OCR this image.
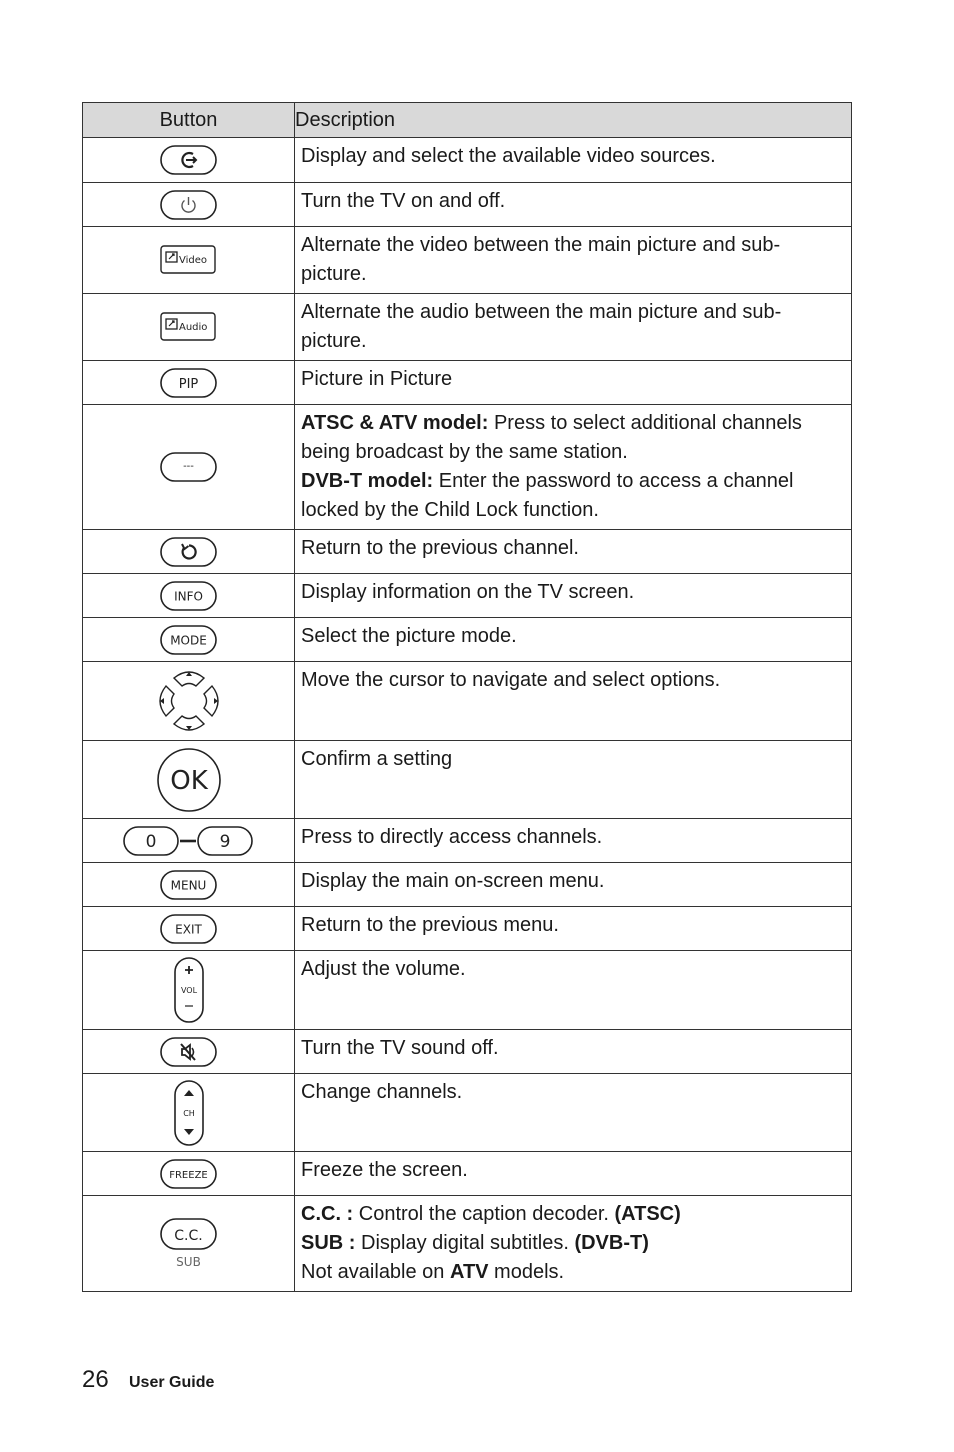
Button	Description

	Display and select the available video sources.

	Turn the TV on and off.

Video	Alternate the video between the main picture and sub-picture.

Audio	Alternate the audio between the main picture and sub-picture.

PIP	Picture in Picture

---	ATSC & ATV model: Press to select additional channels being broadcast by the same station.
DVB-T model: Enter the password to access a channel locked by the Child Lock function.

	Return to the previous channel.

INFO	Display information on the TV screen.

MODE	Select the picture mode.

	Move the cursor to navigate and select options.

OK	Confirm a setting

0 9	Press to directly access channels.

MENU	Display the main on-screen menu.

EXIT	Return to the previous menu.

VOL	Adjust the volume.

	Turn the TV sound off.

CH	Change channels.

FREEZE	Freeze the screen.

C.C.
SUB	C.C. : Control the caption decoder. (ATSC)
SUB : Display digital subtitles. (DVB-T)
Not available on ATV models.
26 User Guide
